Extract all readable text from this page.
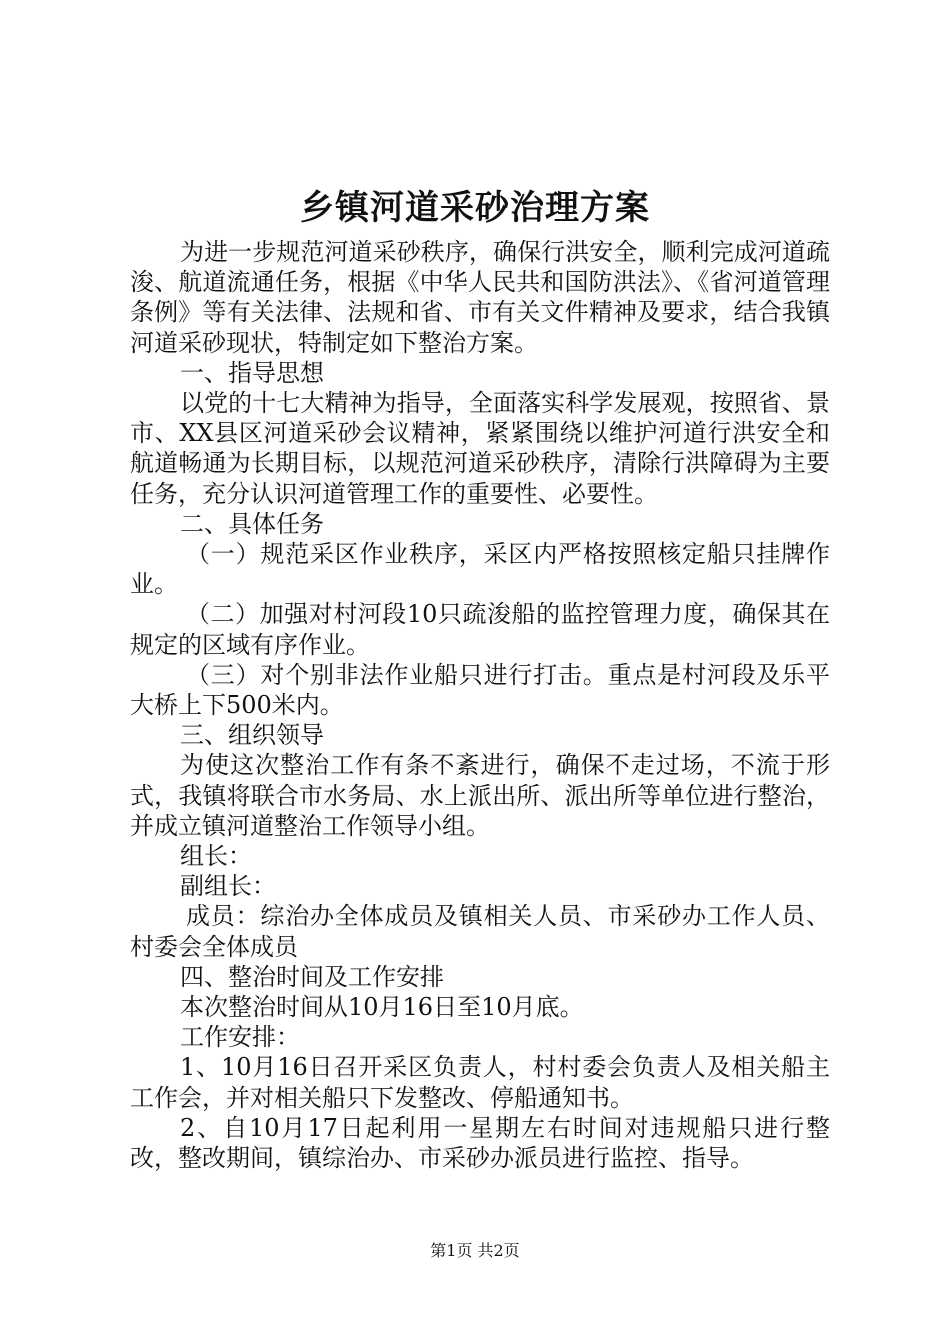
乡镇河道采砂治理方案

为进一步规范河道采砂秩序，确保行洪安全，顺利完成河道疏浚、航道流通任务，根据《中华人民共和国防洪法》、《省河道管理条例》等有关法律、法规和省、市有关文件精神及要求，结合我镇河道采砂现状，特制定如下整治方案。

一、指导思想

以党的十七大精神为指导，全面落实科学发展观，按照省、景市、XX县区河道采砂会议精神，紧紧围绕以维护河道行洪安全和航道畅通为长期目标，以规范河道采砂秩序，清除行洪障碍为主要任务，充分认识河道管理工作的重要性、必要性。

二、具体任务

（一）规范采区作业秩序，采区内严格按照核定船只挂牌作业。

（二）加强对村河段10只疏浚船的监控管理力度，确保其在规定的区域有序作业。

（三）对个别非法作业船只进行打击。重点是村河段及乐平大桥上下500米内。

三、组织领导

为使这次整治工作有条不紊进行，确保不走过场，不流于形式，我镇将联合市水务局、水上派出所、派出所等单位进行整治，并成立镇河道整治工作领导小组。

组长：

副组长：

成员：综治办全体成员及镇相关人员、市采砂办工作人员、村委会全体成员

四、整治时间及工作安排

本次整治时间从10月16日至10月底。

工作安排：

1、10月16日召开采区负责人，村村委会负责人及相关船主工作会，并对相关船只下发整改、停船通知书。

2、自10月17日起利用一星期左右时间对违规船只进行整改，整改期间，镇综治办、市采砂办派员进行监控、指导。

第1页 共2页
